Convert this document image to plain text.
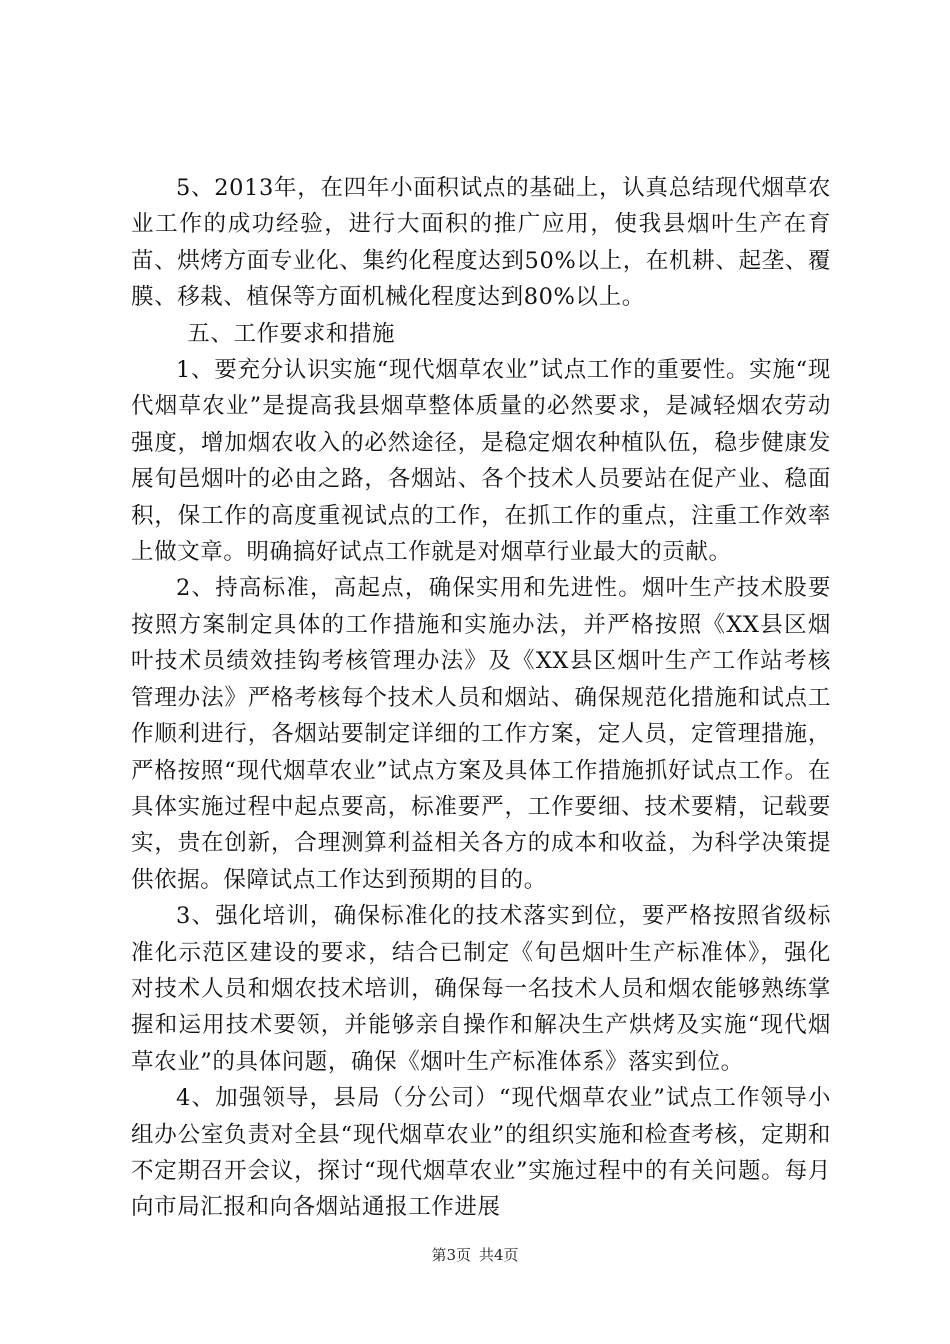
5、2013年，在四年小面积试点的基础上，认真总结现代烟草农业工作的成功经验，进行大面积的推广应用，使我县烟叶生产在育苗、烘烤方面专业化、集约化程度达到50%以上，在机耕、起垄、覆膜、移栽、植保等方面机械化程度达到80%以上。

五、工作要求和措施

1、要充分认识实施“现代烟草农业”试点工作的重要性。实施“现代烟草农业”是提高我县烟草整体质量的必然要求，是减轻烟农劳动强度，增加烟农收入的必然途径，是稳定烟农种植队伍，稳步健康发展旬邑烟叶的必由之路，各烟站、各个技术人员要站在促产业、稳面积，保工作的高度重视试点的工作，在抓工作的重点，注重工作效率上做文章。明确搞好试点工作就是对烟草行业最大的贡献。

2、持高标准，高起点，确保实用和先进性。烟叶生产技术股要按照方案制定具体的工作措施和实施办法，并严格按照《XX县区烟叶技术员绩效挂钩考核管理办法》及《XX县区烟叶生产工作站考核管理办法》严格考核每个技术人员和烟站、确保规范化措施和试点工作顺利进行，各烟站要制定详细的工作方案，定人员，定管理措施，严格按照“现代烟草农业”试点方案及具体工作措施抓好试点工作。在具体实施过程中起点要高，标准要严，工作要细、技术要精，记载要实，贵在创新，合理测算利益相关各方的成本和收益，为科学决策提供依据。保障试点工作达到预期的目的。

3、强化培训，确保标准化的技术落实到位，要严格按照省级标准化示范区建设的要求，结合已制定《旬邑烟叶生产标准体》，强化对技术人员和烟农技术培训，确保每一名技术人员和烟农能够熟练掌握和运用技术要领，并能够亲自操作和解决生产烘烤及实施“现代烟草农业”的具体问题，确保《烟叶生产标准体系》落实到位。

4、加强领导，县局（分公司）“现代烟草农业”试点工作领导小组办公室负责对全县“现代烟草农业”的组织实施和检查考核，定期和不定期召开会议，探讨“现代烟草农业”实施过程中的有关问题。每月向市局汇报和向各烟站通报工作进展

第3页 共4页
